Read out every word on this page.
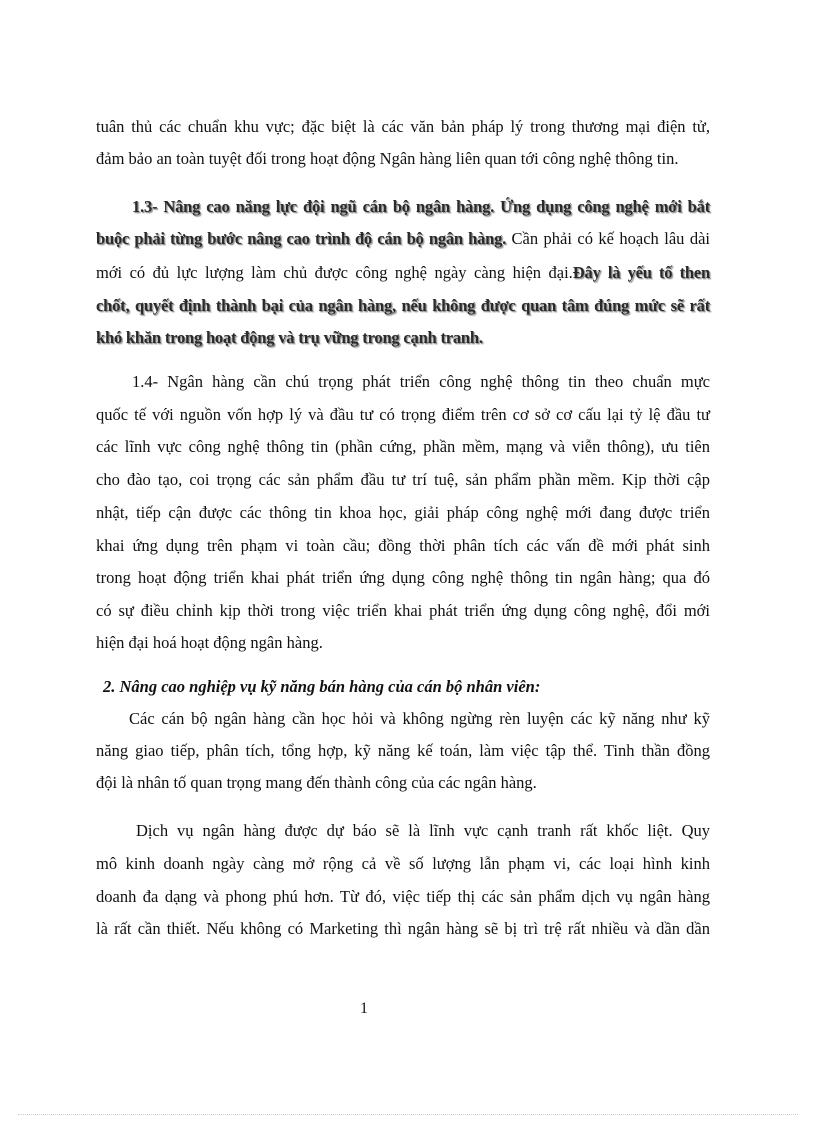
tuân thủ các chuẩn khu vực; đặc biệt là các văn bản pháp lý trong thương mại điện tử,
đảm bảo an toàn tuyệt đối trong hoạt động Ngân hàng liên quan tới công nghệ thông tin.
1.3- Nâng cao năng lực đội ngũ cán bộ ngân hàng. Ứng dụng công nghệ mới bắt
buộc phải từng bước nâng cao trình độ cán bộ ngân hàng. Cần phải có kế hoạch lâu dài
mới có đủ lực lượng làm chủ được công nghệ ngày càng hiện đại.Đây là yếu tố then
chốt, quyết định thành bại của ngân hàng, nếu không được quan tâm đúng mức sẽ rất
khó khăn trong hoạt động và trụ vững trong cạnh tranh.
1.4- Ngân hàng cần chú trọng phát triển công nghệ thông tin theo chuẩn mực
quốc tế với nguồn vốn hợp lý và đầu tư có trọng điểm trên cơ sở cơ cấu lại tỷ lệ đầu tư
các lĩnh vực công nghệ thông tin (phần cứng, phần mềm, mạng và viễn thông), ưu tiên
cho đào tạo, coi trọng các sản phẩm đầu tư trí tuệ, sản phẩm phần mềm. Kịp thời cập
nhật, tiếp cận được các thông tin khoa học, giải pháp công nghệ mới đang được triển
khai ứng dụng trên phạm vi toàn cầu; đồng thời phân tích các vấn đề mới phát sinh
trong hoạt động triển khai phát triển ứng dụng công nghệ thông tin ngân hàng; qua đó
có sự điều chỉnh kịp thời trong việc triển khai phát triển ứng dụng công nghệ, đổi mới
hiện đại hoá hoạt động ngân hàng.
2. Nâng cao nghiệp vụ kỹ năng bán hàng của cán bộ nhân viên:
Các cán bộ ngân hàng cần học hỏi và không ngừng rèn luyện các kỹ năng như kỹ
năng giao tiếp, phân tích, tổng hợp, kỹ năng kế toán, làm việc tập thể. Tinh thần đồng
đội là nhân tố quan trọng mang đến thành công của các ngân hàng.
Dịch vụ ngân hàng được dự báo sẽ là lĩnh vực cạnh tranh rất khốc liệt. Quy
mô kinh doanh ngày càng mở rộng cả về số lượng lẫn phạm vi, các loại hình kinh
doanh đa dạng và phong phú hơn. Từ đó, việc tiếp thị các sản phẩm dịch vụ ngân hàng
là rất cần thiết. Nếu không có Marketing thì ngân hàng sẽ bị trì trệ rất nhiều và dần dần
1
